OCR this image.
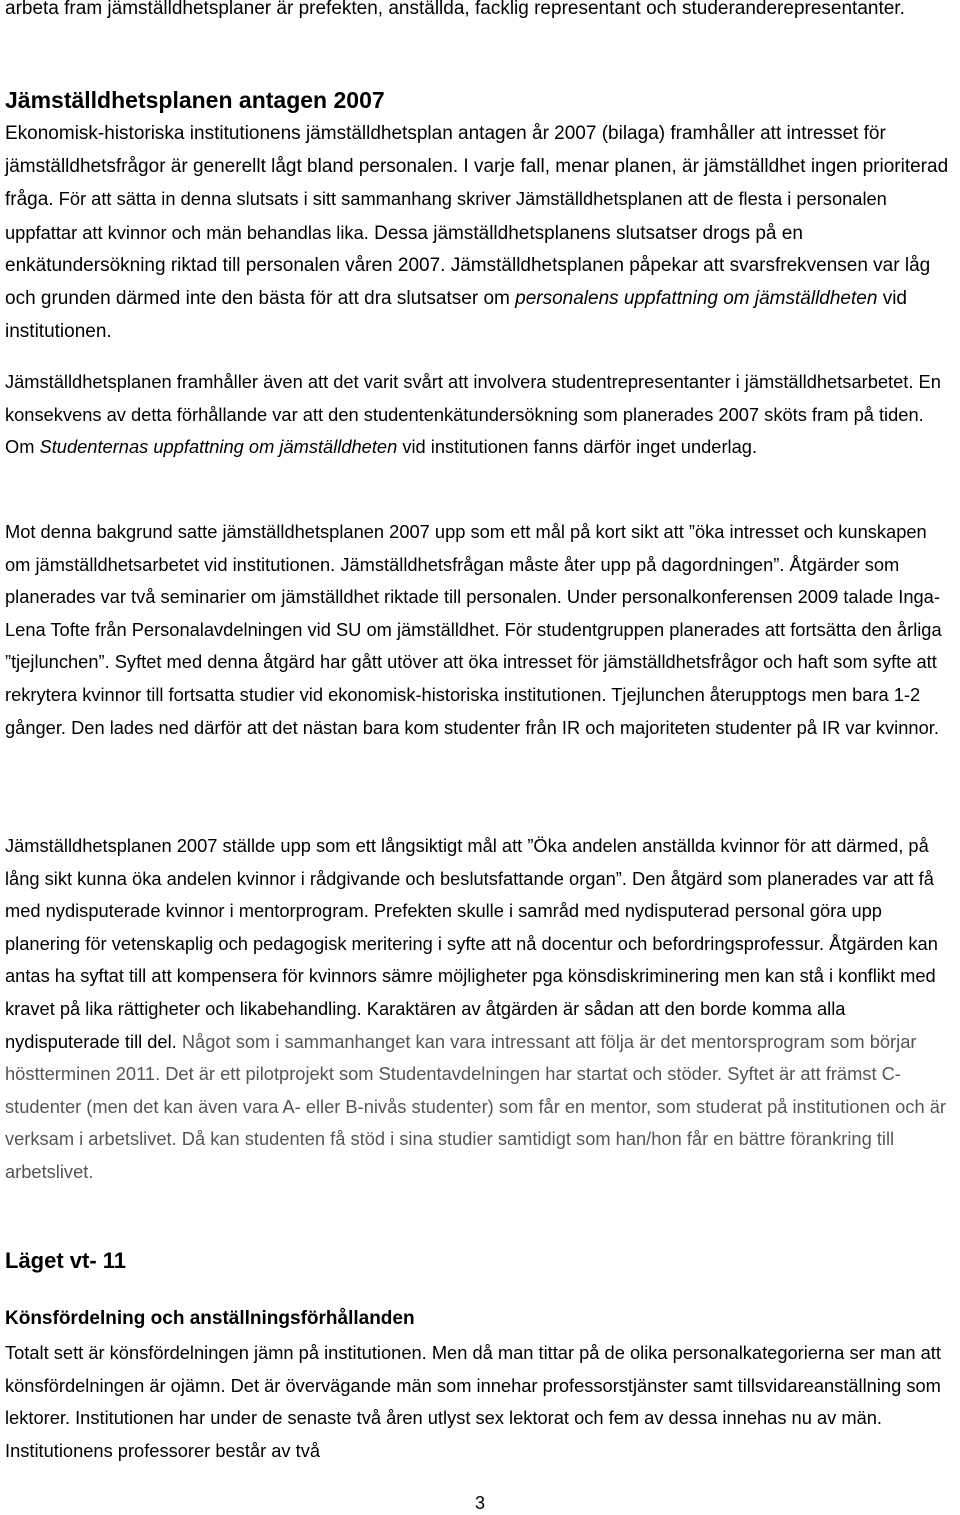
arbeta fram jämställdhetsplaner är prefekten, anställda, facklig representant och studeranderepresentanter.

Jämställdhetsplanen antagen 2007

Ekonomisk-historiska institutionens jämställdhetsplan antagen år 2007 (bilaga) framhåller att intresset för jämställdhetsfrågor är generellt lågt bland personalen. I varje fall, menar planen, är jämställdhet ingen prioriterad fråga. För att sätta in denna slutsats i sitt sammanhang skriver Jämställdhetsplanen att de flesta i personalen uppfattar att kvinnor och män behandlas lika. Dessa jämställdhetsplanens slutsatser drogs på en enkätundersökning riktad till personalen våren 2007. Jämställdhetsplanen påpekar att svarsfrekvensen var låg och grunden därmed inte den bästa för att dra slutsatser om personalens uppfattning om jämställdheten vid institutionen.

Jämställdhetsplanen framhåller även att det varit svårt att involvera studentrepresentanter i jämställdhetsarbetet. En konsekvens av detta förhållande var att den studentenkätundersökning som planerades 2007 sköts fram på tiden. Om Studenternas uppfattning om jämställdheten vid institutionen fanns därför inget underlag.

Mot denna bakgrund satte jämställdhetsplanen 2007 upp som ett mål på kort sikt att ”öka intresset och kunskapen om jämställdhetsarbetet vid institutionen. Jämställdhetsfrågan måste åter upp på dagordningen”. Åtgärder som planerades var två seminarier om jämställdhet riktade till personalen. Under personalkonferensen 2009 talade Inga-Lena Tofte från Personalavdelningen vid SU om jämställdhet. För studentgruppen planerades att fortsätta den årliga ”tjejlunchen”. Syftet med denna åtgärd har gått utöver att öka intresset för jämställdhetsfrågor och haft som syfte att rekrytera kvinnor till fortsatta studier vid ekonomisk-historiska institutionen. Tjejlunchen återupptogs men bara 1-2 gånger. Den lades ned därför att det nästan bara kom studenter från IR och majoriteten studenter på IR var kvinnor.

Jämställdhetsplanen 2007 ställde upp som ett långsiktigt mål att ”Öka andelen anställda kvinnor för att därmed, på lång sikt kunna öka andelen kvinnor i rådgivande och beslutsfattande organ”. Den åtgärd som planerades var att få med nydisputerade kvinnor i mentorprogram. Prefekten skulle i samråd med nydisputerad personal göra upp planering för vetenskaplig och pedagogisk meritering i syfte att nå docentur och befordringsprofessur. Åtgärden kan antas ha syftat till att kompensera för kvinnors sämre möjligheter pga könsdiskriminering men kan stå i konflikt med kravet på lika rättigheter och likabehandling. Karaktären av åtgärden är sådan att den borde komma alla nydisputerade till del. Något som i sammanhanget kan vara intressant att följa är det mentorsprogram som börjar höstterminen 2011. Det är ett pilotprojekt som Studentavdelningen har startat och stöder. Syftet är att främst C-studenter (men det kan även vara A- eller B-nivås studenter) som får en mentor, som studerat på institutionen och är verksam i arbetslivet. Då kan studenten få stöd i sina studier samtidigt som han/hon får en bättre förankring till arbetslivet.

Läget vt- 11
Könsfördelning och anställningsförhållanden

Totalt sett är könsfördelningen jämn på institutionen. Men då man tittar på de olika personalkategorierna ser man att könsfördelningen är ojämn. Det är övervägande män som innehar professorstjänster samt tillsvidareanställning som lektorer. Institutionen har under de senaste två åren utlyst sex lektorat och fem av dessa innehas nu av män. Institutionens professorer består av två

3
